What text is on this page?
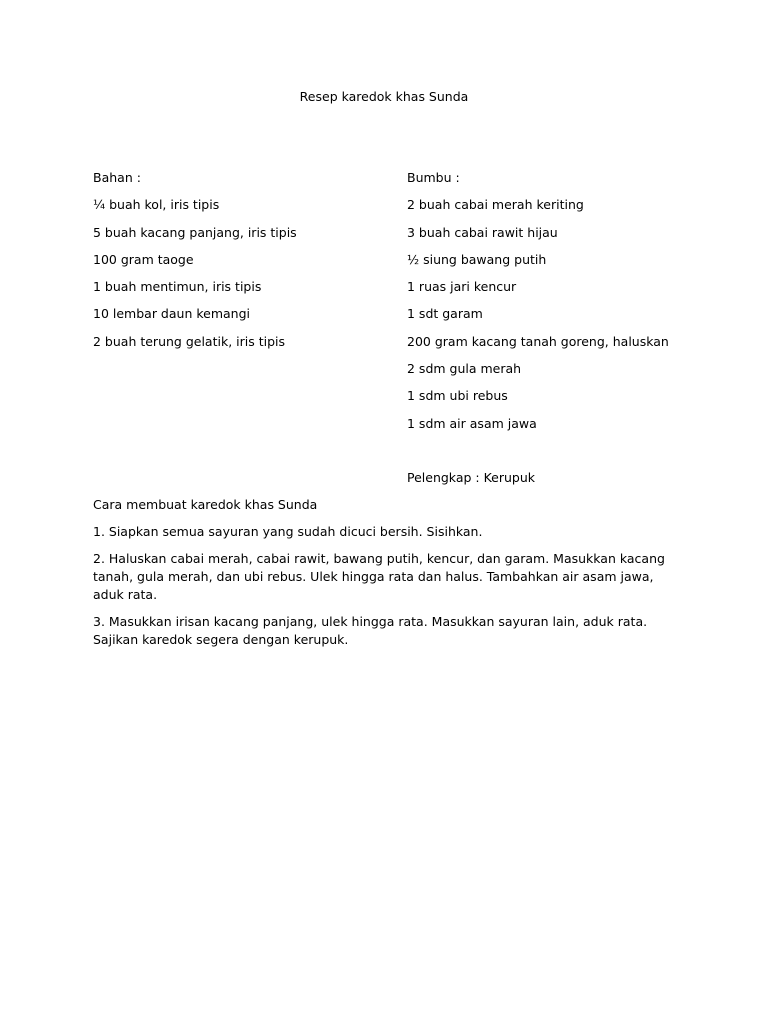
Resep karedok khas Sunda
Bahan :
¼ buah kol, iris tipis
5 buah kacang panjang, iris tipis
100 gram taoge
1 buah mentimun, iris tipis
10 lembar daun kemangi
2 buah terung gelatik, iris tipis
Bumbu :
2 buah cabai merah keriting
3 buah cabai rawit hijau
½ siung bawang putih
1 ruas jari kencur
1 sdt garam
200 gram kacang tanah goreng, haluskan
2 sdm gula merah
1 sdm ubi rebus
1 sdm air asam jawa
Pelengkap : Kerupuk
Cara membuat karedok khas Sunda
1. Siapkan semua sayuran yang sudah dicuci bersih. Sisihkan.
2. Haluskan cabai merah, cabai rawit, bawang putih, kencur, dan garam. Masukkan kacang tanah, gula merah, dan ubi rebus. Ulek hingga rata dan halus. Tambahkan air asam jawa, aduk rata.
3. Masukkan irisan kacang panjang, ulek hingga rata. Masukkan sayuran lain, aduk rata. Sajikan karedok segera dengan kerupuk.
